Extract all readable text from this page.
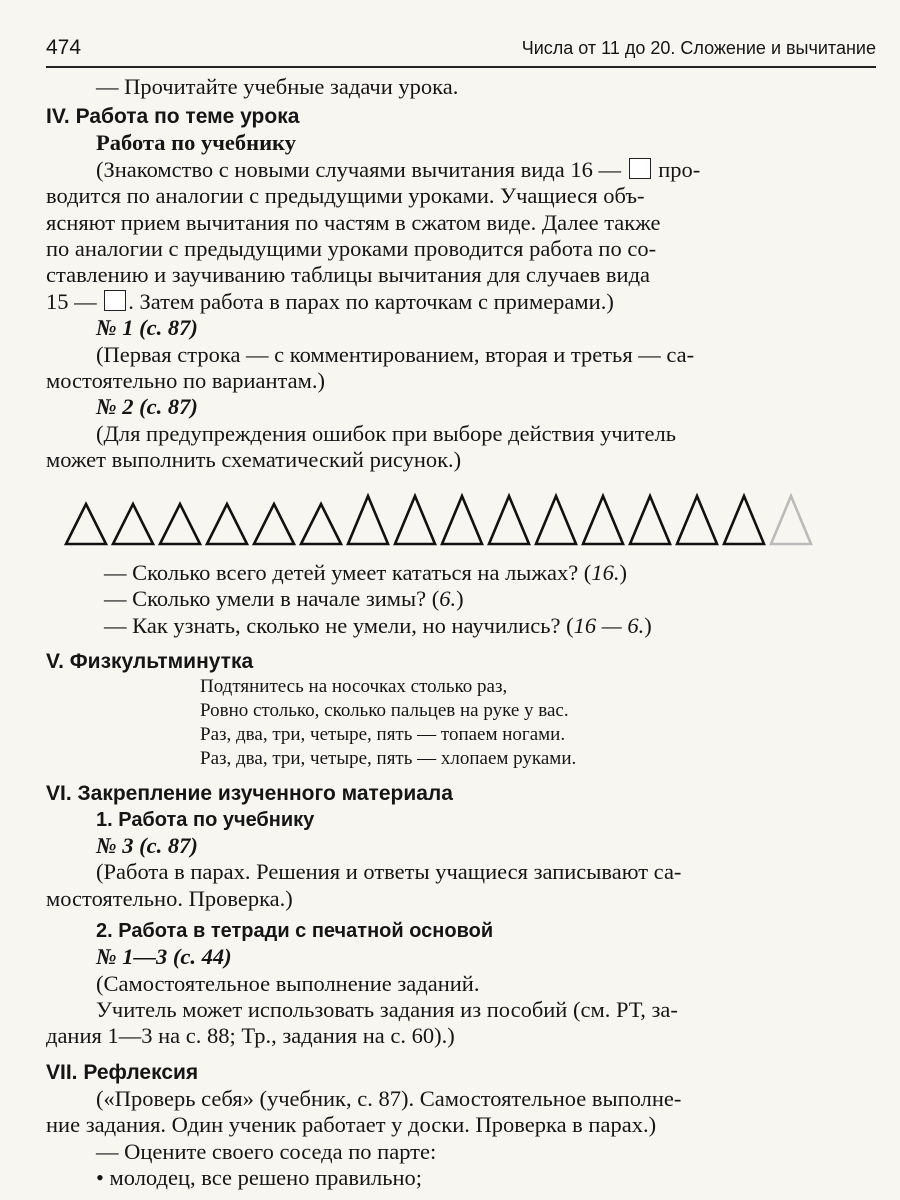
474	Числа от 11 до 20. Сложение и вычитание

— Прочитайте учебные задачи урока.

IV. Работа по теме урока
Работа по учебнику

(Знакомство с новыми случаями вычитания вида 16 — про-

водится по аналогии с предыдущими уроками. Учащиеся объ-

ясняют прием вычитания по частям в сжатом виде. Далее также

по аналогии с предыдущими уроками проводится работа по со-

ставлению и заучиванию таблицы вычитания для случаев вида

15 — . Затем работа в парах по карточкам с примерами.)

№ 1 (с. 87)

(Первая строка — с комментированием, вторая и третья — са-

мостоятельно по вариантам.)

№ 2 (с. 87)

(Для предупреждения ошибок при выборе действия учитель

может выполнить схематический рисунок.)

— Сколько всего детей умеет кататься на лыжах? (16.)

— Сколько умели в начале зимы? (6.)

— Как узнать, сколько не умели, но научились? (16 — 6.)

V. Физкультминутка

Подтянитесь на носочках столько раз,

Ровно столько, сколько пальцев на руке у вас.

Раз, два, три, четыре, пять — топаем ногами.

Раз, два, три, четыре, пять — хлопаем руками.

VI. Закрепление изученного материала
1. Работа по учебнику

№ 3 (с. 87)

(Работа в парах. Решения и ответы учащиеся записывают са-

мостоятельно. Проверка.)

2. Работа в тетради с печатной основой

№ 1—3 (с. 44)

(Самостоятельное выполнение заданий.

Учитель может использовать задания из пособий (см. РТ, за-

дания 1—3 на с. 88; Тр., задания на с. 60).)

VII. Рефлексия

(«Проверь себя» (учебник, с. 87). Самостоятельное выполне-

ние задания. Один ученик работает у доски. Проверка в парах.)

— Оцените своего соседа по парте:

• молодец, все решено правильно;
